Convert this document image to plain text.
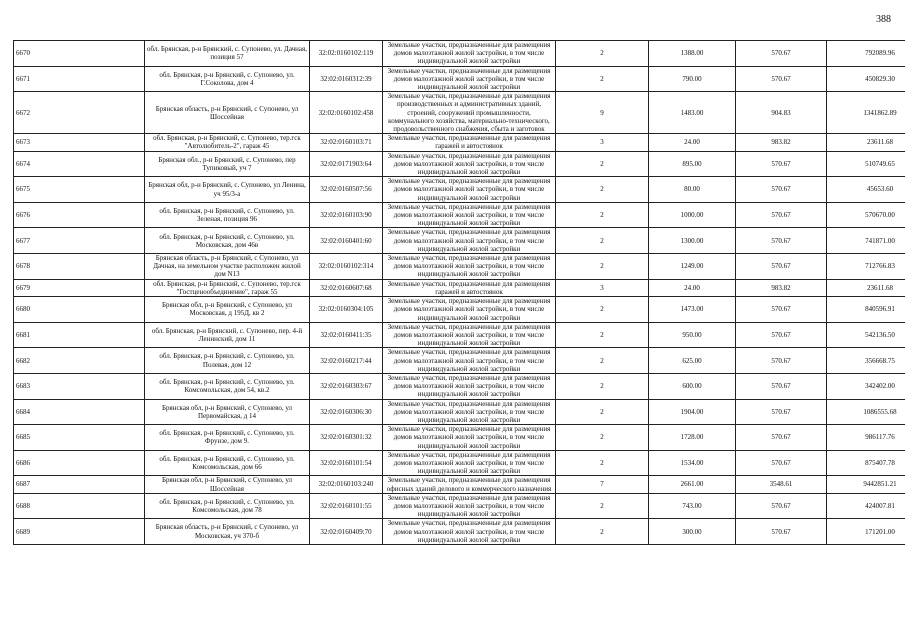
388
6670	обл. Брянская, р-н Брянский, с. Супонево, ул. Дачная, позиция 57	32:02:0160102:119	Земельные участки, предназначенные для размещения домов малоэтажной жилой застройки, в том числе индивидуальной жилой застройки	2	1388.00	570.67	792089.96
6671	обл. Брянская, р-н Брянский, с. Супонево, ул. Г.Соколова, дом 4	32:02:0160312:39	Земельные участки, предназначенные для размещения домов малоэтажной жилой застройки, в том числе индивидуальной жилой застройки	2	790.00	570.67	450829.30
6672	Брянская область, р-н Брянский, с Супонево, ул Шоссейная	32:02:0160102:458	Земельные участки, предназначенные для размещения производственных и административных зданий, строений, сооружений промышленности, коммунального хозяйства, материально-технического, продовольственного снабжения, сбыта и заготовок	9	1483.00	904.83	1341862.89
6673	обл. Брянская, р-н Брянский, с. Супонево, тер.гск "Автолюбитель-2", гараж 45	32:02:0160103:71	Земельные участки, предназначенные для размещения гаражей и автостоянок	3	24.00	983.82	23611.68
6674	Брянская обл., р-н Брянский, с. Супонево, пер Тупиковый, уч 7	32:02:0171903:64	Земельные участки, предназначенные для размещения домов малоэтажной жилой застройки, в том числе индивидуальной жилой застройки	2	895.00	570.67	510749.65
6675	Брянская обл, р-н Брянский, с. Супонево, ул Ленина, уч 95/3-а	32:02:0160507:56	Земельные участки, предназначенные для размещения домов малоэтажной жилой застройки, в том числе индивидуальной жилой застройки	2	80.00	570.67	45653.60
6676	обл. Брянская, р-н Брянский, с. Супонево, ул. Зеленая, позиция 96	32:02:0160103:90	Земельные участки, предназначенные для размещения домов малоэтажной жилой застройки, в том числе индивидуальной жилой застройки	2	1000.00	570.67	570670.00
6677	обл. Брянская, р-н Брянский, с. Супонево, ул. Московская, дом 46в	32:02:0160401:60	Земельные участки, предназначенные для размещения домов малоэтажной жилой застройки, в том числе индивидуальной жилой застройки	2	1300.00	570.67	741871.00
6678	Брянская область, р-н Брянский, с Супонево, ул Дачная, на земельном участке расположен жилой дом N13	32:02:0160102:314	Земельные участки, предназначенные для размещения домов малоэтажной жилой застройки, в том числе индивидуальной жилой застройки	2	1249.00	570.67	712766.83
6679	обл. Брянская, р-н Брянский, с. Супонево, тер.гск "Гостценообъединение", гараж 55	32:02:0160607:68	Земельные участки, предназначенные для размещения гаражей и автостоянок	3	24.00	983.82	23611.68
6680	Брянская обл, р-н Брянский, с Супонево, ул Московская, д 195Д, кв 2	32:02:0160304:105	Земельные участки, предназначенные для размещения домов малоэтажной жилой застройки, в том числе индивидуальной жилой застройки	2	1473.00	570.67	840596.91
6681	обл. Брянская, р-н Брянский, с. Супонево, пер. 4-й Ленинский, дом 11	32:02:0160411:35	Земельные участки, предназначенные для размещения домов малоэтажной жилой застройки, в том числе индивидуальной жилой застройки	2	950.00	570.67	542136.50
6682	обл. Брянская, р-н Брянский, с. Супонево, ул. Полевая, дом 12	32:02:0160217:44	Земельные участки, предназначенные для размещения домов малоэтажной жилой застройки, в том числе индивидуальной жилой застройки	2	625.00	570.67	356668.75
6683	обл. Брянская, р-н Брянский, с. Супонево, ул. Комсомольская, дом 54, кв.2	32:02:0160303:67	Земельные участки, предназначенные для размещения домов малоэтажной жилой застройки, в том числе индивидуальной жилой застройки	2	600.00	570.67	342402.00
6684	Брянская обл, р-н Брянский, с Супонево, ул Первомайская, д 14	32:02:0160306:30	Земельные участки, предназначенные для размещения домов малоэтажной жилой застройки, в том числе индивидуальной жилой застройки	2	1904.00	570.67	1086555.68
6685	обл. Брянская, р-н Брянский, с. Супонево, ул. Фрунзе, дом 9.	32:02:0160301:32	Земельные участки, предназначенные для размещения домов малоэтажной жилой застройки, в том числе индивидуальной жилой застройки	2	1728.00	570.67	986117.76
6686	обл. Брянская, р-н Брянский, с. Супонево, ул. Комсомольская, дом 66	32:02:0160101:54	Земельные участки, предназначенные для размещения домов малоэтажной жилой застройки, в том числе индивидуальной жилой застройки	2	1534.00	570.67	875407.78
6687	Брянская обл, р-н Брянский, с Супонево, ул Шоссейная	32:02:0160103:240	Земельные участки, предназначенные для размещения офисных зданий делового и коммерческого назначения	7	2661.00	3548.61	9442851.21
6688	обл. Брянская, р-н Брянский, с. Супонево, ул. Комсомольская, дом 78	32:02:0160101:55	Земельные участки, предназначенные для размещения домов малоэтажной жилой застройки, в том числе индивидуальной жилой застройки	2	743.00	570.67	424007.81
6689	Брянская область, р-н Брянский, с Супонево, ул Московская, уч 370-б	32:02:0160409:70	Земельные участки, предназначенные для размещения домов малоэтажной жилой застройки, в том числе индивидуальной жилой застройки	2	300.00	570.67	171201.00
